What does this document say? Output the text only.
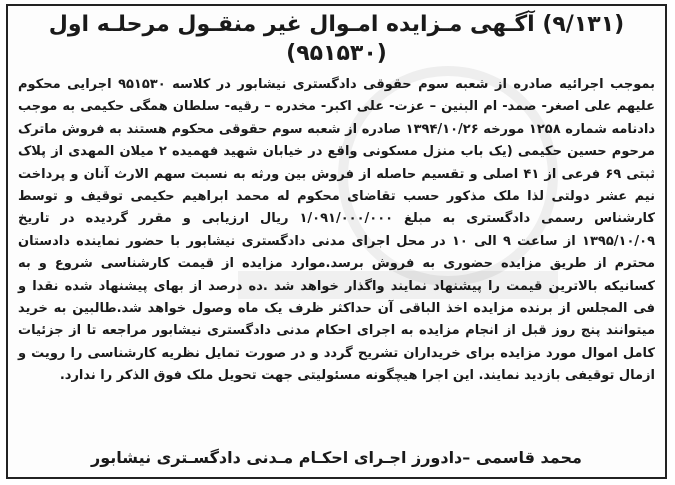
(۹/۱۳۱) آگـهی مـزایده امـوال غیر منقـول مرحلـه اول
(۹۵۱۵۳۰)

بموجب اجرائیه صادره از شعبه سوم حقوقی دادگستری نیشابور در کلاسه ۹۵۱۵۳۰ اجرایی محکوم علیهم علی اصغر- صمد- ام البنین – عزت- علی اکبر- مخدره – رقیه- سلطان همگی حکیمی به موجب دادنامه شماره ۱۲۵۸ مورخه ۱۳۹۴/۱۰/۲۶ صادره از شعبه سوم حقوقی محکوم هستند به فروش ماترک مرحوم حسین حکیمی (یک باب منزل مسکونی واقع در خیابان شهید فهمیده ۲ میلان المهدی از پلاک ثبتی ۶۹ فرعی از ۴۱ اصلی و تقسیم حاصله از فروش بین ورثه به نسبت سهم الارث آنان و پرداخت نیم عشر دولتی لذا ملک مذکور حسب تقاضای محکوم له محمد ابراهیم حکیمی توقیف و توسط کارشناس رسمی دادگستری به مبلغ ۱/۰۹۱/۰۰۰/۰۰۰ ریال ارزیابی و مقرر گردیده در تاریخ ۱۳۹۵/۱۰/۰۹ از ساعت ۹ الی ۱۰ در محل اجرای مدنی دادگستری نیشابور با حضور نماینده دادستان محترم از طریق مزایده حضوری به فروش برسد.موارد مزایده از قیمت کارشناسی شروع و به کسانیکه بالاترین قیمت را پیشنهاد نمایند واگذار خواهد شد .ده درصد از بهای پیشنهاد شده نقدا و فی المجلس از برنده مزایده اخذ الباقی آن حداکثر ظرف یک ماه وصول خواهد شد.طالبین به خرید میتوانند پنج روز قبل از انجام مزایده به اجرای احکام مدنی دادگستری نیشابور مراجعه تا از جزئیات کامل اموال مورد مزایده برای خریداران تشریح گردد و در صورت تمایل نظریه کارشناسی را رویت و ازمال توقیفی بازدید نمایند. این اجرا هیچگونه مسئولیتی جهت تحویل ملک فوق الذکر را ندارد.

محمد قاسمی –دادورز اجـرای احکـام مـدنی دادگسـتری نیشابور
